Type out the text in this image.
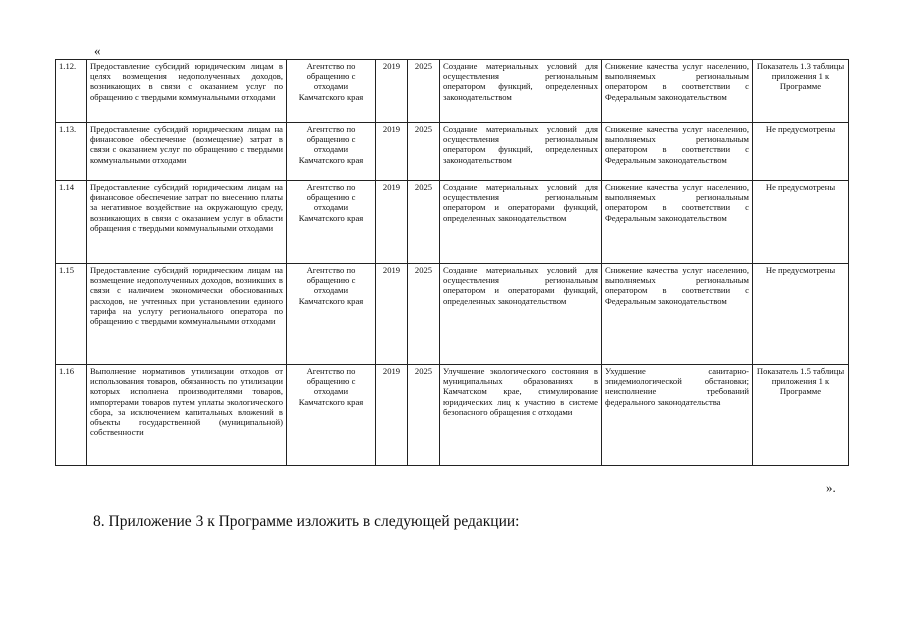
«
1.12.	Предоставление субсидий юридическим лицам в целях возмещения недополученных доходов, возникающих в связи с оказанием услуг по обращению с твердыми коммунальными отходами	Агентство по обращению с отходами Камчатского края	2019	2025	Создание материальных условий для осуществления региональным оператором функций, определенных законодательством	Снижение качества услуг населению, выполняемых региональным оператором в соответствии с Федеральным законодательством	Показатель 1.3 таблицы приложения 1 к Программе
1.13.	Предоставление субсидий юридическим лицам на финансовое обеспечение (возмещение) затрат в связи с оказанием услуг по обращению с твердыми коммунальными отходами	Агентство по обращению с отходами Камчатского края	2019	2025	Создание материальных условий для осуществления региональным оператором функций, определенных законодательством	Снижение качества услуг населению, выполняемых региональным оператором в соответствии с Федеральным законодательством	Не предусмотрены
1.14	Предоставление субсидий юридическим лицам на финансовое обеспечение затрат по внесению платы за негативное воздействие на окружающую среду, возникающих в связи с оказанием услуг в области обращения с твердыми коммунальными отходами	Агентство по обращению с отходами Камчатского края	2019	2025	Создание материальных условий для осуществления региональным оператором и операторами функций, определенных законодательством	Снижение качества услуг населению, выполняемых региональным оператором в соответствии с Федеральным законодательством	Не предусмотрены
1.15	Предоставление субсидий юридическим лицам на возмещение недополученных доходов, возникших в связи с наличием экономически обоснованных расходов, не учтенных при установлении единого тарифа на услугу регионального оператора по обращению с твердыми коммунальными отходами	Агентство по обращению с отходами Камчатского края	2019	2025	Создание материальных условий для осуществления региональным оператором и операторами функций, определенных законодательством	Снижение качества услуг населению, выполняемых региональным оператором в соответствии с Федеральным законодательством	Не предусмотрены
1.16	Выполнение нормативов утилизации отходов от использования товаров, обязанность по утилизации которых исполнена производителями товаров, импортерами товаров путем уплаты экологического сбора, за исключением капитальных вложений в объекты государственной (муниципальной) собственности	Агентство по обращению с отходами Камчатского края	2019	2025	Улучшение экологического состояния в муниципальных образованиях в Камчатском крае, стимулирование юридических лиц к участию в системе безопасного обращения с отходами	Ухудшение санитарно-эпидемиологической обстановки; неисполнение требований федерального законодательства	Показатель 1.5 таблицы приложения 1 к Программе
».
8. Приложение 3 к Программе изложить в следующей редакции:
